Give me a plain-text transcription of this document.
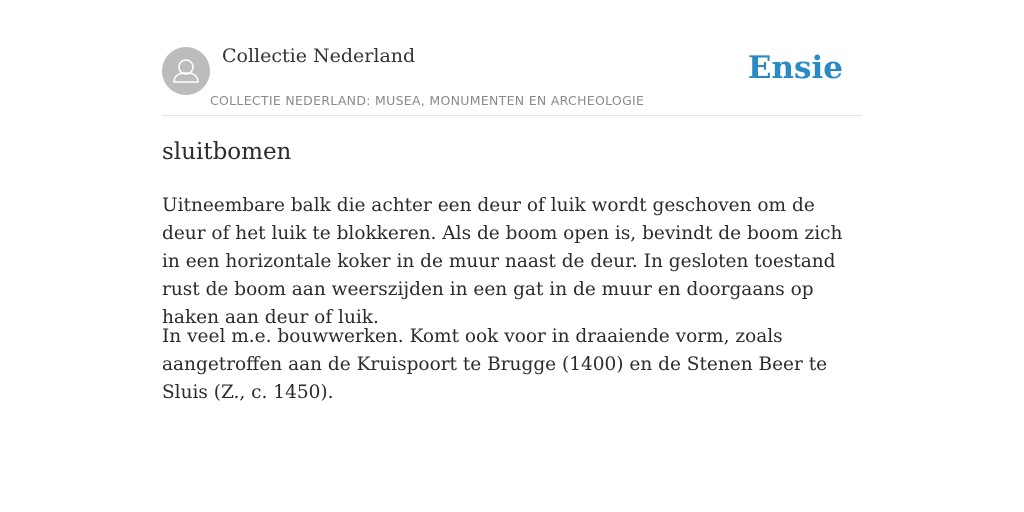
Collectie Nederland
COLLECTIE NEDERLAND: MUSEA, MONUMENTEN EN ARCHEOLOGIE
Ensie
sluitbomen

Uitneembare balk die achter een deur of luik wordt geschoven om de deur of het luik te blokkeren. Als de boom open is, bevindt de boom zich in een horizontale koker in de muur naast de deur. In gesloten toestand rust de boom aan weerszijden in een gat in de muur en doorgaans op haken aan deur of luik.

In veel m.e. bouwwerken. Komt ook voor in draaiende vorm, zoals aangetroffen aan de Kruispoort te Brugge (1400) en de Stenen Beer te Sluis (Z., c. 1450).
